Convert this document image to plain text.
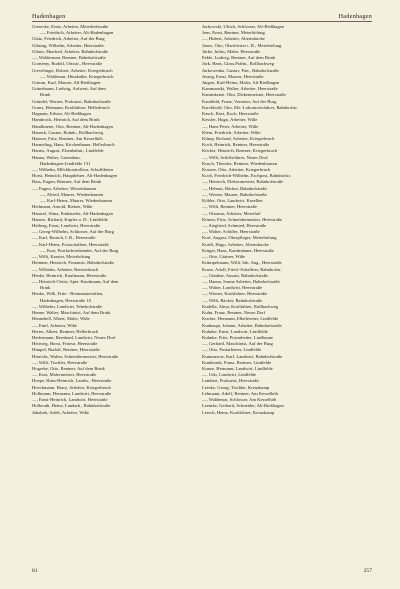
Hadenhagen	Hadenhagen
Giesecke, Ernst, Arbeiter, Meierhöfstraße
—, Friedrich, Arbeiter, Alt-Hadenhagen
Glatz, Friedrich, Arbeiter, Auf der Burg
Gläsing, Wilhelm, Arbeiter, Heerstraße
Gläser, Manfred, Arbeiter, Bahnhofstraße
—, Walderman, Rentner, Bahnhofstraße
Gornemy, Rudolf, Ortsstr., Heerstraße
Grevelinger, Robert, Arbeiter, Kriegerbruch
—, Waldemar, Hinzkaßer, Kriegerbruch
Grimm, Karl, Maurer, Alt-Rießhagen
Grünebaum, Ludwig, Aufwert, Auf dem
Brink
Gründel, Werner, Prokurist, Bahnhofstraße
Gruns, Hermann, Kraftfahrer, Hellerbruch
Hagnam, Edwin, Alt-Rießhagen
Hambrock, Heinrich, Auf dem Brink
Handlmeier, Otto, Rentner, Alt-Hadenhagen
Hanack, Gustav, Bohnh., Rollbachweg
Hansen, Fritz, Rentner, Am Kesselhöh
Harmeling, Hans, Kirchenbauer, Hellerbruch
Harms, August, Elsenbahnt., Lindfelde
Hanna, Walter, Gartenbau,
Hadenhagen-Lindfelde 131
—, Wilhelm, Milchkontrolleur, Schulftheim
Horst, Heinrich, Hauptlehrer, Alt-Hadenhagen
Bass, Eugen, Rentner, Auf dem Brink
—, Eugen, Arbeiter, Wiesenbausen
—, Alfred, Maurer, Wiedenhausen
—, Karl-Heinz, Maurer, Wiedenhausen
Heilmann, Arnold, Rieken, Wiße
Hamsel, Alma, Einkäuefer, Alt-Hadenhagen
Hanses, Richard, Kupfer u. D., Lindfelde
Heiberg, Ernst, Landwirt, Heerstraße
—, Georg-Wilhelm, Schlosser, Auf der Burg
—, Karl, Rausch, I. B., Heerstraße
—, Karl-Heinz, Postschaffner, Heerstraße
—, Kurt, Postfachtreibender, Auf der Burg
—, Willi, Kassier, Meierhöfung
Heinnen, Heinrich, Postamts, Bahnhofstraße
—, Wilhelm, Arbeiter, Rentertbruch
Henke, Heinrich, Kaufmann, Heerstraße
—, Heinrich-Christ. Spet.-Kaufmann, Auf dem
Brink
Henke, Willi, Frite - Brennmaterialien,
Hadenhagen, Heerstraße 10
—, Wilhelm, Landwirt, Tebehofstraße
Henne, Walter, Maschinist, Auf dem Brink
Hennebell, Albert, Maler, Wiße
—, Emil, Arbeiter, Wiße
Herter, Albert, Rentner, Hellerbruch
Hedermann, Bernhard, Landwirt, Neues Dorf
Hettweg, Horst, Friseur, Heerstraße
Himpel, Rudolf, Rentner, Heerstraße
Hinrichs, Walter, Schneidermeister, Heerstraße
—, Willi, Tischler, Heerstraße
Hogrebe, Otto, Rentner, Auf dem Brink
—, Kurt, Malermeister, Heerstraße
Hoepe, Hans-Heinrich, Landw., Heerstraße
Hoeckmann, Harry, Arbeiter, Kriegerbruch
Hollmann, Hermann, Landwirt, Heerstraße
—, Ernst-Heinrich, Landwirt, Heerstraße
Hollerath, Heinz, Landarb., Bahnhofstraße
Jakubek, Adolf, Arbeiter, Wiße
Jackowski, Ulrich, Schlosser, Alt-Rießhagen
Jens, Ernst, Rentner, Meierhöfung
—, Hubert, Arbeiter, Alterndarcke
Jones, Otto, Oberförster i. R., Meierhöfung
Jürke, Julius, Maler, Heerstraße
Fakle, Ludwig, Rentner, Auf dem Brink
Jork, Hans, Glass.Prälm., Rollbachweg
Jurkowenka, Gustav, Patr., Bahnhofstraße
Jesseg, Ernst, Maurer, Heerstraße
Jürgen, Karl-Heinz, Maler, Alt-Rießhagen
Kammanski, Walter, Arbeiter, Heerstraße
Kaminkenzi, Otto, Diskenmeister, Heerstraße
Kaufdeld, Franz, Vertreter, Auf der Burg
Karchhold, Otto, Ele.-Lokomotivfahrer, Bahnhofstr.
Kasch, Kurt, Koch, Heerstraße
Kessler, Hugo, Arbeiter, Wiße
—, Hans-Peter, Arbeiter, Wiße
Klein, Friedrich, Arbeiter, Wiße
Klimp, Richard, Arbeiter, Kriegerbruch
Koch, Heinrich, Rentner, Heerstraße
Köcker, Heinrich, Rentner, Kriegerbruch
—, Willi, Schilfsführer, Neues Dorf
Kusch, Theodor, Rentner, Wiedenhausen
Kossier, Otto, Arbeiter, Kriegerbruch
Koch, Friedrich-Wilhelm, Eschpost, Bahnhofstr.
—, Heinrich, Elektromeister, Bahnhofstraße
—, Helmut, Bäcker, Bahnhofstraße
—, Werner, Maurer, Bahnhofstraße
Köhler, Otto, Landwirt, Kasellen
—, Willi, Rentner, Heerstraße
—, Ottomar, Arbeiter, Meierhöf
Körner, Fritz, Schneidermeister, Heerstraße
—, Siegfried, Schmied, Heerstraße
—, Walter, Schiffer, Heerstraße
Korf, August, Oberpfleger, Meierhöfung
Krafft, Hugo, Arbeiter, Alterndarcke
Krüger, Hans, Kaufmänner, Heerstraße
—, Otto, Gärtner, Wiße
Krümpelmann, Willi, Inh. Ang., Heerstraße
Kruse, Adolf, Fried.-Schaffner, Bahnhofstr.
—, Günther, Ausant, Bahnhofstraße
—, Hanna, Sonne Arbeiter, Bahnhofstraße
—, Walter, Landwirt, Heerstraße
—, Werner, Kraftfahrer, Heerstraße
—, Willi, Bäcker, Bahnhofstraße
Kudella, Alma, Kraftfahrer, Rollbachweg
Kuhn, Franz, Rentner, Neues Dorf
Kucher, Hermann, Elbeliveüer, Lindfelde
Kunhaupt, Johann, Arbeiter, Bahnhofstraße
Kuhnke, Ernst, Landwirt, Lindfelde
Kuhnke, Fritz, Postarbeiter, Lindbrune
—, Gerhard, Maschinist, Auf der Burg
—, Otto, Postarbeiter, Lindfelde
Kummerow, Karl, Landwirt, Bahnhofstraße
Kunibrauk, Franz, Rentner, Lindfelde
Kunze, Hermann, Landwirt, Lindfelde
—, Udo, Landwirt, Lindfelde
Lambert, Prokurist, Heerstraße
Leeske, Georg, Tischler, Kreuzkamp
Lehmann, Adolf, Rentner, Am Kesselhöh
—, Waldemar, Schlosser, Am Kesselhöh
Leemke, Gerhard, Schneider, Alt-Rießhagen
Lersch, Heinz, Kraftfahrer, Kreuzkamp
81	257
